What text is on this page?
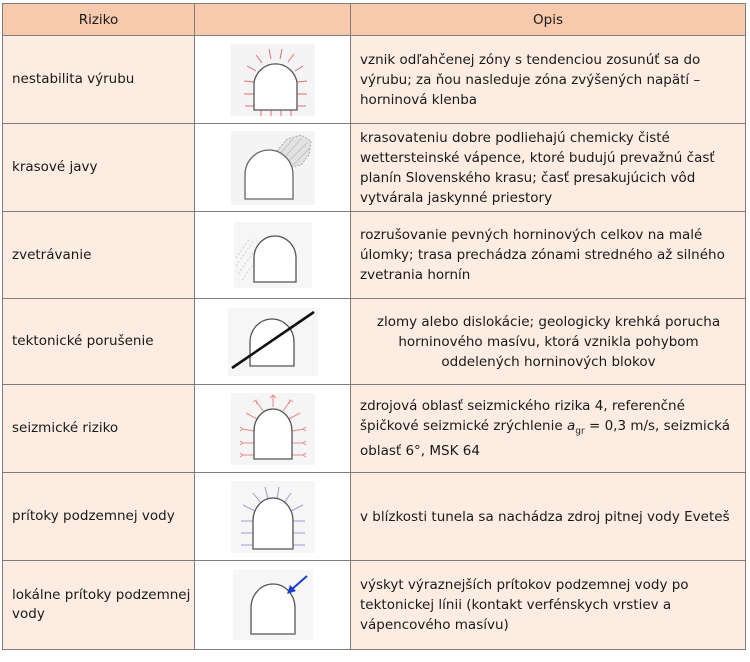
Riziko		Opis
nestabilita výrubu		vznik odľahčenej zóny s tendenciou zosunúť sa do výrubu; za ňou nasleduje zóna zvýšených napätí – horninová klenba
krasové javy		krasovateniu dobre podliehajú chemicky čisté wettersteinské vápence, ktoré budujú prevažnú časť planín Slovenského krasu; časť presakujúcich vôd vytvárala jaskynné priestory
zvetrávanie		rozrušovanie pevných horninových celkov na malé úlomky; trasa prechádza zónami stredného až silného zvetrania hornín
tektonické porušenie		zlomy alebo dislokácie; geologicky krehká porucha horninového masívu, ktorá vznikla pohybom oddelených horninových blokov
seizmické riziko		zdrojová oblasť seizmického rizika 4, referenčné špičkové seizmické zrýchlenie $a_{gr} = 0,3$ m/s, seizmická oblasť 6°, MSK 64
prítoky podzemnej vody		v blízkosti tunela sa nachádza zdroj pitnej vody Eveteš
lokálne prítoky podzemnej vody		výskyt výraznejších prítokov podzemnej vody po tektonickej línii (kontakt verfénskych vrstiev a vápencového masívu)
